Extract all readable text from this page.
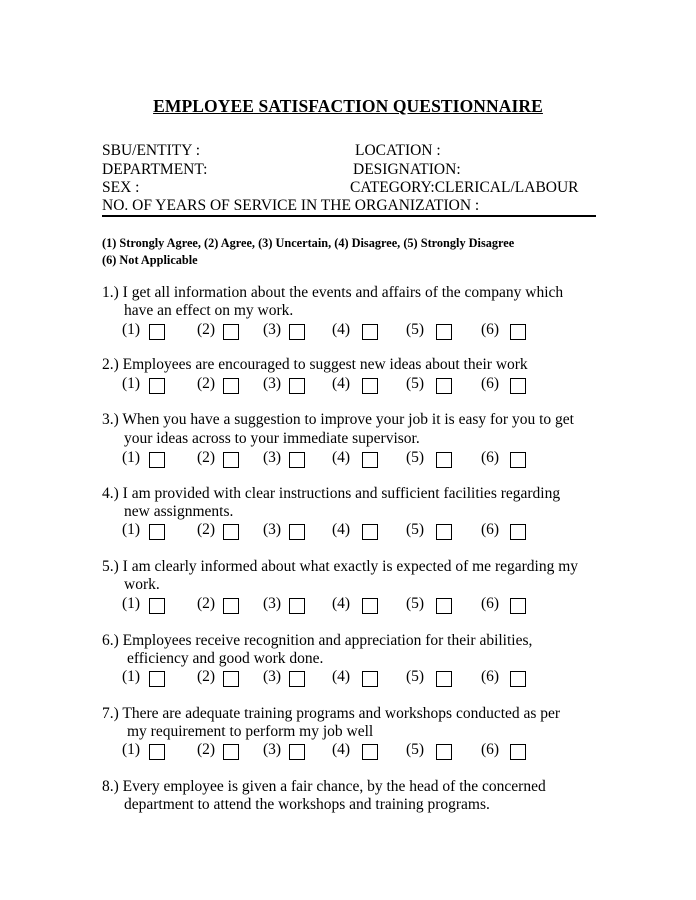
EMPLOYEE SATISFACTION QUESTIONNAIRE
SBU/ENTITY :	LOCATION :
DEPARTMENT:	DESIGNATION:
SEX :	CATEGORY:CLERICAL/LABOUR
NO. OF YEARS OF SERVICE IN THE ORGANIZATION :
(1) Strongly Agree, (2) Agree, (3) Uncertain, (4) Disagree, (5) Strongly Disagree
(6) Not Applicable
1.) I get all information about the events and affairs of the company which
have an effect on my work.
(1)	(2)	(3)	(4)	(5)	(6)
2.) Employees are encouraged to suggest new ideas about their work
(1)	(2)	(3)	(4)	(5)	(6)
3.) When you have a suggestion to improve your job it is easy for you to get
your ideas across to your immediate supervisor.
(1)	(2)	(3)	(4)	(5)	(6)
4.) I am provided with clear instructions and sufficient facilities regarding
new assignments.
(1)	(2)	(3)	(4)	(5)	(6)
5.) I am clearly informed about what exactly is expected of me regarding my
work.
(1)	(2)	(3)	(4)	(5)	(6)
6.) Employees receive recognition and appreciation for their abilities,
efficiency and good work done.
(1)	(2)	(3)	(4)	(5)	(6)
7.) There are adequate training programs and workshops conducted as per
my requirement to perform my job well
(1)	(2)	(3)	(4)	(5)	(6)
8.) Every employee is given a fair chance, by the head of the concerned
department to attend the workshops and training programs.
